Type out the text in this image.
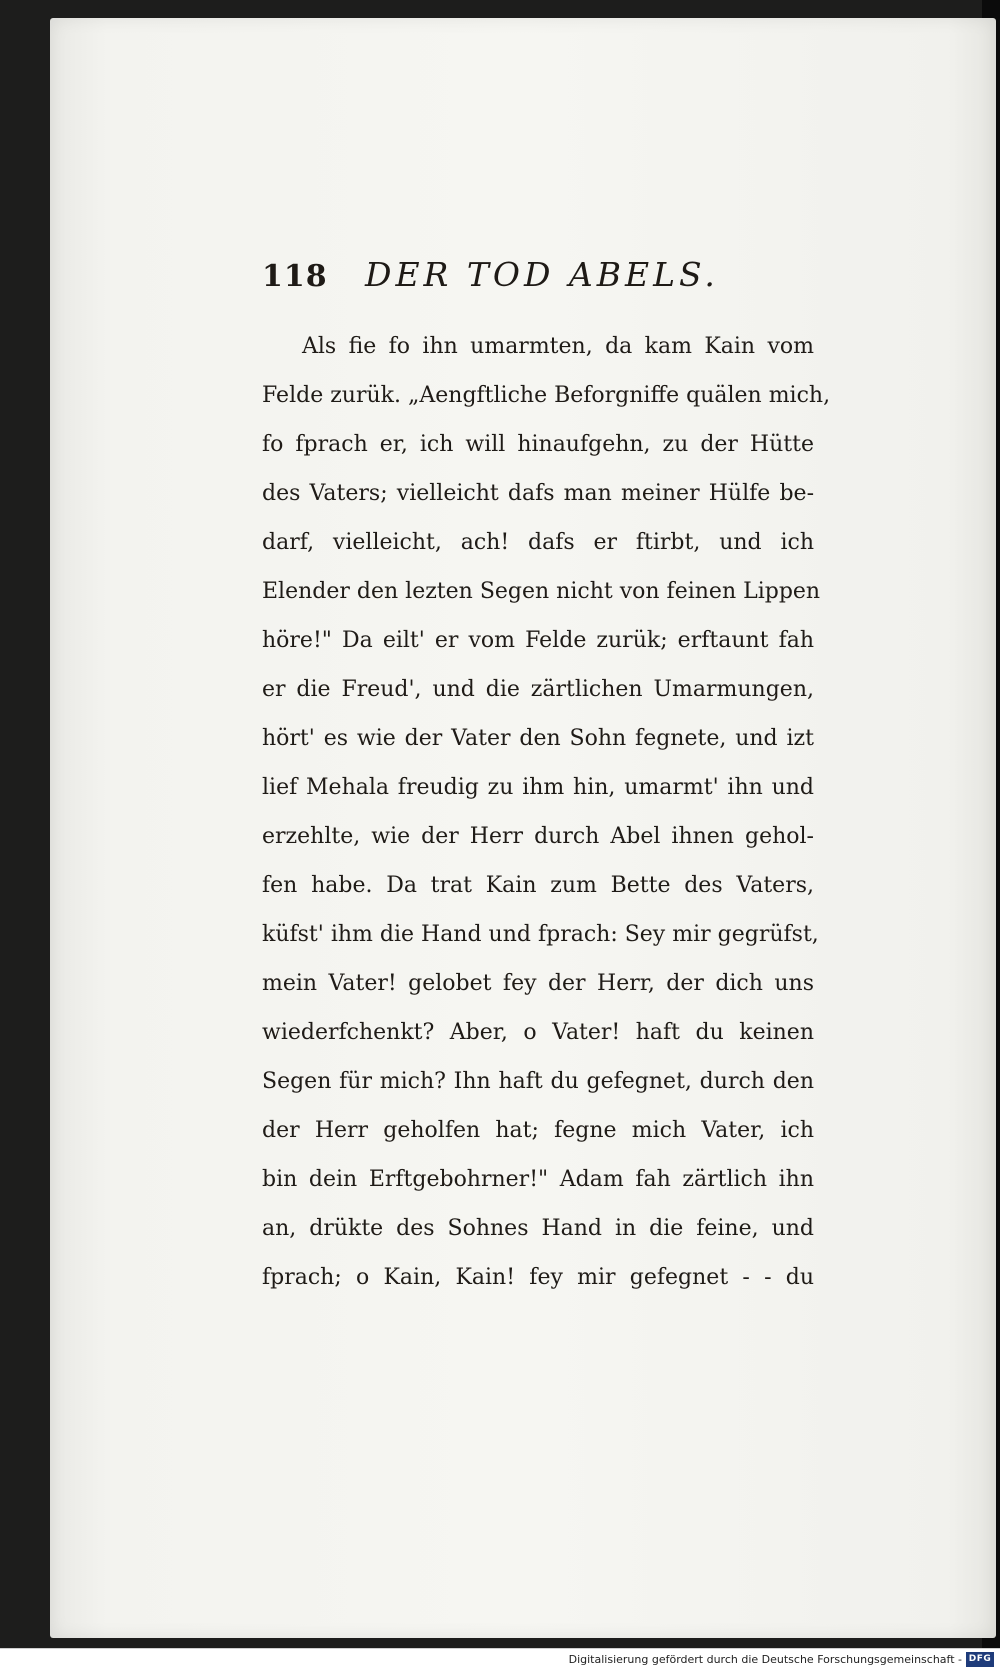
118 DER TOD ABELS.
Als fie fo ihn umarmten, da kam Kain vom
Felde zurük. „Aengftliche Beforgniffe quälen mich,
fo fprach er, ich will hinaufgehn, zu der Hütte
des Vaters; vielleicht dafs man meiner Hülfe be-
darf, vielleicht, ach! dafs er ftirbt, und ich
Elender den lezten Segen nicht von feinen Lippen
höre!" Da eilt' er vom Felde zurük; erftaunt fah
er die Freud', und die zärtlichen Umarmungen,
hört' es wie der Vater den Sohn fegnete, und izt
lief Mehala freudig zu ihm hin, umarmt' ihn und
erzehlte, wie der Herr durch Abel ihnen gehol-
fen habe. Da trat Kain zum Bette des Vaters,
küfst' ihm die Hand und fprach: Sey mir gegrüfst,
mein Vater! gelobet fey der Herr, der dich uns
wiederfchenkt? Aber, o Vater! haft du keinen
Segen für mich? Ihn haft du gefegnet, durch den
der Herr geholfen hat; fegne mich Vater, ich
bin dein Erftgebohrner!" Adam fah zärtlich ihn
an, drükte des Sohnes Hand in die feine, und
fprach; o Kain, Kain! fey mir gefegnet - - du
Digitalisierung gefördert durch die Deutsche Forschungsgemeinschaft - DFG
